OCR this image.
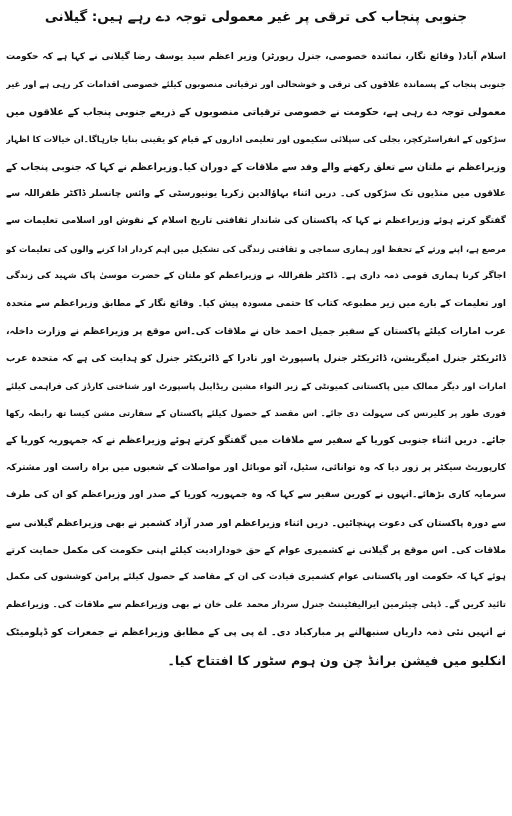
جنوبی پنجاب کی ترقی پر غیر معمولی توجہ دے رہے ہیں: گیلانی
اسلام آباد( وقائع نگار، نمائندہ خصوصی، جنرل رپورٹر) وزیر اعظم سید یوسف رضا گیلانی نے کہا ہے کہ حکومت
جنوبی پنجاب کے پسماندہ علاقوں کی ترقی و خوشحالی اور ترقیاتی منصوبوں کیلئے خصوصی اقدامات کر رہی ہے اور غیر
معمولی توجہ دے رہی ہے، حکومت نے خصوصی ترقیاتی منصوبوں کے ذریعے جنوبی پنجاب کے علاقوں میں
سڑکوں کے انفراسٹرکچر، بجلی کی سپلائی سکیموں اور تعلیمی اداروں کے قیام کو یقینی بنایا جارہاگا۔ان خیالات کا اظہار
وزیراعظم نے ملتان سے تعلق رکھنے والے وفد سے ملاقات کے دوران کیا۔وزیراعظم نے کہا کہ جنوبی پنجاب کے
علاقوں میں منڈیوں تک سڑکوں کی۔ دریں اثناء بہاؤالدین زکریا یونیورسٹی کے وائس چانسلر ڈاکٹر ظفراللہ سے
گفتگو کرتے ہوئے وزیراعظم نے کہا کہ پاکستان کی شاندار ثقافتی تاریخ اسلام کے نقوش اور اسلامی تعلیمات سے
مرصع ہے، اپنے ورثے کے تحفظ اور ہماری سماجی و ثقافتی زندگی کی تشکیل میں اہم کردار ادا کرنے والوں کی تعلیمات کو
اجاگر کرنا ہماری قومی ذمہ داری ہے۔ ڈاکٹر ظفراللہ نے وزیراعظم کو ملتان کے حضرت موسیٰ پاک شہید کی زندگی
اور تعلیمات کے بارے میں زیر مطبوعہ کتاب کا حتمی مسودہ پیش کیا۔ وقائع نگار کے مطابق وزیراعظم سے متحدہ
عرب امارات کیلئے پاکستان کے سفیر جمیل احمد خان نے ملاقات کی۔اس موقع پر وزیراعظم نے وزارت داخلہ،
ڈائریکٹر جنرل امیگریشن، ڈائریکٹر جنرل پاسپورٹ اور نادرا کے ڈائریکٹر جنرل کو ہدایت کی ہے کہ متحدہ عرب
امارات اور دیگر ممالک میں پاکستانی کمیونٹی کے زیر التواء مشین ریڈایبل پاسپورٹ اور شناختی کارڈز کی فراہمی کیلئے
فوری طور پر کلیرنس کی سہولت دی جائے۔ اس مقصد کے حصول کیلئے پاکستان کے سفارتی مشن کیسا تھ رابطہ رکھا
جائے۔ دریں اثناء جنوبی کوریا کے سفیر سے ملاقات میں گفتگو کرتے ہوئے وزیراعظم نے کہ جمہوریہ کوریا کے
کارپوریٹ سیکٹر پر زور دیا کہ وہ توانائی، سٹیل، آٹو موبائل اور مواصلات کے شعبوں میں براہ راست اور مشترکہ
سرمایہ کاری بڑھائے۔انہوں نے کورین سفیر سے کہا کہ وہ جمہوریہ کوریا کے صدر اور وزیراعظم کو ان کی طرف
سے دورہ پاکستان کی دعوت پہنچائیں۔ دریں اثناء وزیراعظم اور صدر آزاد کشمیر نے بھی وزیراعظم گیلانی سے
ملاقات کی۔ اس موقع پر گیلانی نے کشمیری عوام کے حق خودارادیت کیلئے اپنی حکومت کی مکمل حمایت کرتے
ہوئے کہا کہ حکومت اور پاکستانی عوام کشمیری قیادت کی ان کے مقاصد کے حصول کیلئے پرامن کوششوں کی مکمل
تائید کریں گے۔ ڈپٹی چیئرمین ایرالیفٹیننٹ جنرل سردار محمد علی خان نے بھی وزیراعظم سے ملاقات کی۔ وزیراعظم
نے انہیں نئی ذمہ داریاں سنبھالنے پر مبارکباد دی۔ اے پی پی کے مطابق وزیراعظم نے جمعرات کو ڈپلومیٹک
انکلیو میں فیشن برانڈ چن ون ہوم سٹور کا افتتاح کیا۔
